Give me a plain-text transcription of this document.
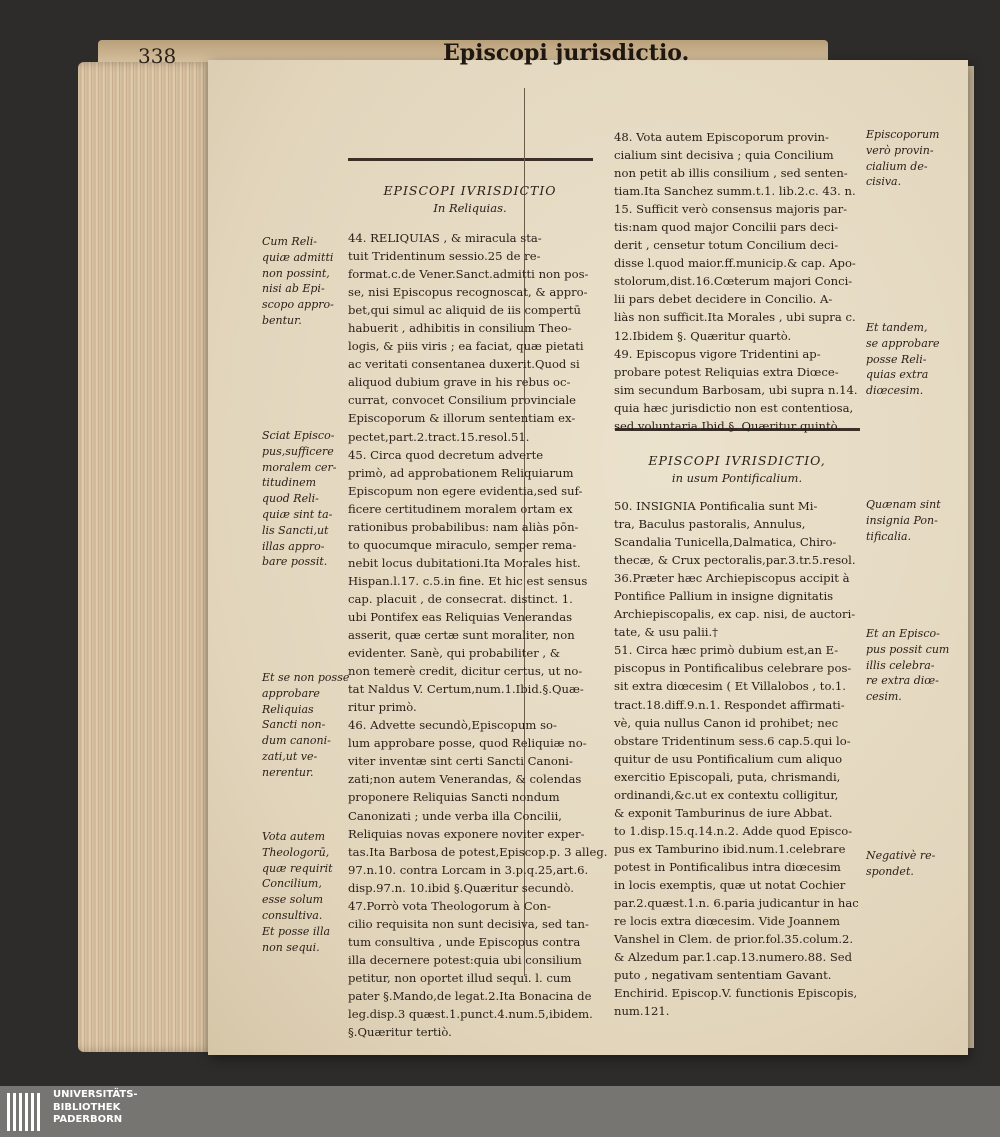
338	Episcopi jurisdictio.
EPISCOPI IVRISDICTIO
In Reliquias.

44. RELIQUIAS , & miracula sta-

tuit Tridentinum sessio.25 de re-

format.c.de Vener.Sanct.admitti non pos-

se, nisi Episcopus recognoscat, & appro-

bet,qui simul ac aliquid de iis compertū

habuerit , adhibitis in consilium Theo-

logis, & piis viris ; ea faciat, quæ pietati

ac veritati consentanea duxerit.Quod si

aliquod dubium grave in his rebus oc-

currat, convocet Consilium provinciale

Episcoporum & illorum sententiam ex-

pectet,part.2.tract.15.resol.51.

45. Circa quod decretum adverte

primò, ad approbationem Reliquiarum

Episcopum non egere evidentia,sed suf-

ficere certitudinem moralem ortam ex

rationibus probabilibus: nam aliàs pōn-

to quocumque miraculo, semper rema-

nebit locus dubitationi.Ita Morales hist.

Hispan.l.17. c.5.in fine. Et hic est sensus

cap. placuit , de consecrat. distinct. 1.

ubi Pontifex eas Reliquias Venerandas

asserit, quæ certæ sunt moraliter, non

evidenter. Sanè, qui probabiliter , &

non temerè credit, dicitur certus, ut no-

tat Naldus V. Certum,num.1.Ibid.§.Quæ-

ritur primò.

46. Advette secundò,Episcopum so-

lum approbare posse, quod Reliquiæ no-

viter inventæ sint certi Sancti Canoni-

zati;non autem Venerandas, & colendas

proponere Reliquias Sancti nondum

Canonizati ; unde verba illa Concilii,

Reliquias novas exponere noviter exper-

tas.Ita Barbosa de potest,Episcop.p. 3 alleg.

97.n.10. contra Lorcam in 3.p.q.25,art.6.

disp.97.n. 10.ibid §.Quæritur secundò.

47.Porrò vota Theologorum à Con-

cilio requisita non sunt decisiva, sed tan-

tum consultiva , unde Episcopus contra

illa decernere potest:quia ubi consilium

petitur, non oportet illud sequi. l. cum

pater §.Mando,de legat.2.Ita Bonacina de

leg.disp.3 quæst.1.punct.4.num.5,ibidem.

§.Quæritur tertiò.

48. Vota autem Episcoporum provin-

cialium sint decisiva ; quia Concilium

non petit ab illis consilium , sed senten-

tiam.Ita Sanchez summ.t.1. lib.2.c. 43. n.

15. Sufficit verò consensus majoris par-

tis:nam quod major Concilii pars deci-

derit , censetur totum Concilium deci-

disse l.quod maior.ff.municip.& cap. Apo-

stolorum,dist.16.Cœterum majori Conci-

lii pars debet decidere in Concilio. A-

liàs non sufficit.Ita Morales , ubi supra c.

12.Ibidem §. Quæritur quartò.

49. Episcopus vigore Tridentini ap-

probare potest Reliquias extra Diœce-

sim secundum Barbosam, ubi supra n.14.

quia hæc jurisdictio non est contentiosa,

sed voluntaria Ibid.§. Quæritur quintò.

EPISCOPI IVRISDICTIO,
in usum Pontificalium.

50. INSIGNIA Pontificalia sunt Mi-

tra, Baculus pastoralis, Annulus,

Scandalia Tunicella,Dalmatica, Chiro-

thecæ, & Crux pectoralis,par.3.tr.5.resol.

36.Præter hæc Archiepiscopus accipit à

Pontifice Pallium in insigne dignitatis

Archiepiscopalis, ex cap. nisi, de auctori-

tate, & usu palii.†

51. Circa hæc primò dubium est,an E-

piscopus in Pontificalibus celebrare pos-

sit extra diœcesim ( Et Villalobos , to.1.

tract.18.diff.9.n.1. Respondet affirmati-

vè, quia nullus Canon id prohibet; nec

obstare Tridentinum sess.6 cap.5.qui lo-

quitur de usu Pontificalium cum aliquo

exercitio Episcopali, puta, chrismandi,

ordinandi,&c.ut ex contextu colligitur,

& exponit Tamburinus de iure Abbat.

to 1.disp.15.q.14.n.2. Adde quod Episco-

pus ex Tamburino ibid.num.1.celebrare

potest in Pontificalibus intra diœcesim

in locis exemptis, quæ ut notat Cochier

par.2.quæst.1.n. 6.paria judicantur in hac

re locis extra diœcesim. Vide Joannem

Vanshel in Clem. de prior.fol.35.colum.2.

& Alzedum par.1.cap.13.numero.88. Sed

puto , negativam sententiam Gavant.

Enchirid. Episcop.V. functionis Episcopis,

num.121.

Cum Reli-
quiæ admitti
non possint,
nisi ab Epi-
scopo appro-
bentur.
Sciat Episco-
pus,sufficere
moralem cer-
titudinem
quod Reli-
quiæ sint ta-
lis Sancti,ut
illas appro-
bare possit.
Et se non posse
approbare
Reliquias
Sancti non-
dum canoni-
zati,ut ve-
nerentur.
Vota autem
Theologorū,
quæ requirit
Concilium,
esse solum
consultiva.
Et posse illa
non sequi.
Episcoporum
verò provin-
cialium de-
cisiva.
Et tandem,
se approbare
posse Reli-
quias extra
diœcesim.
Quænam sint
insignia Pon-
tificalia.
Et an Episco-
pus possit cum
illis celebra-
re extra diœ-
cesim.
Negativè re-
spondet.
UNIVERSITÄTS-
BIBLIOTHEK
PADERBORN
